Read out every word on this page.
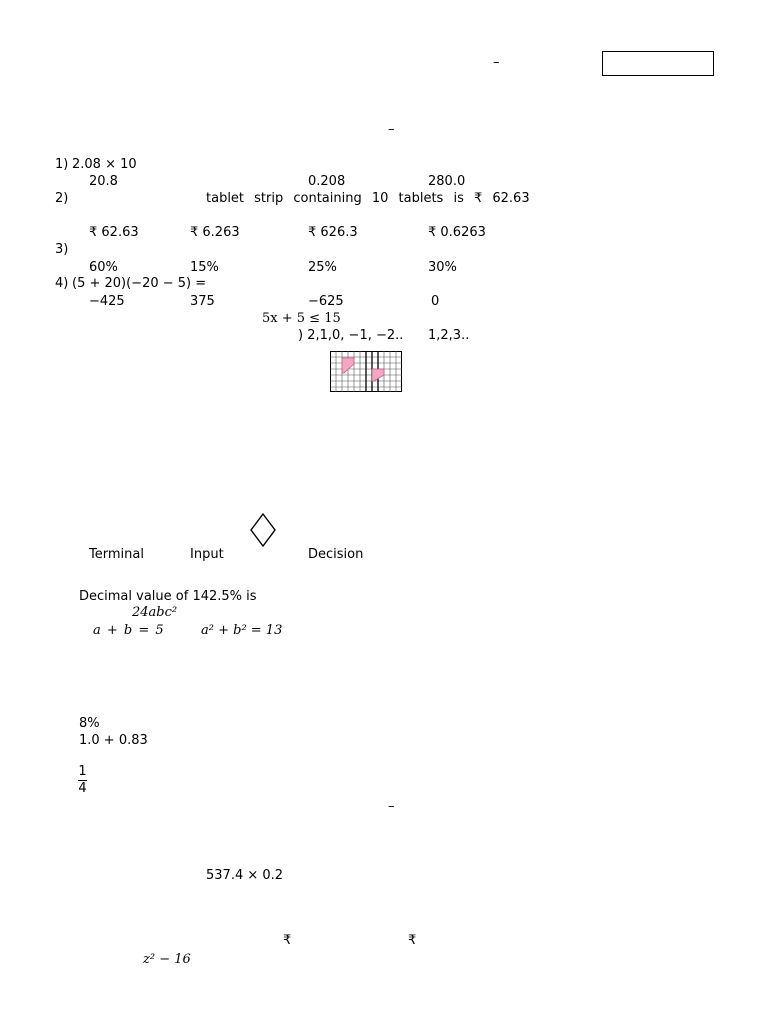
–
–
1) 2.08 × 10
20.8	0.208	280.0
2)	tablet strip containing 10 tablets is ₹ 62.63
₹ 62.63	₹ 6.263	₹ 626.3	₹ 0.6263
3)
60%	15%	25%	30%
4) (5 + 20)(−20 − 5) =
−425	375	−625	0
5x + 5 ≤ 15
) 2,1,0, −1, −2.. 1,2,3..
Terminal	Input	Decision
Decimal value of 142.5% is
24abc²
a + b = 5	a² + b² = 13
8%
1.0 + 0.83
1
4
–
537.4 × 0.2
₹	₹
z² − 16
